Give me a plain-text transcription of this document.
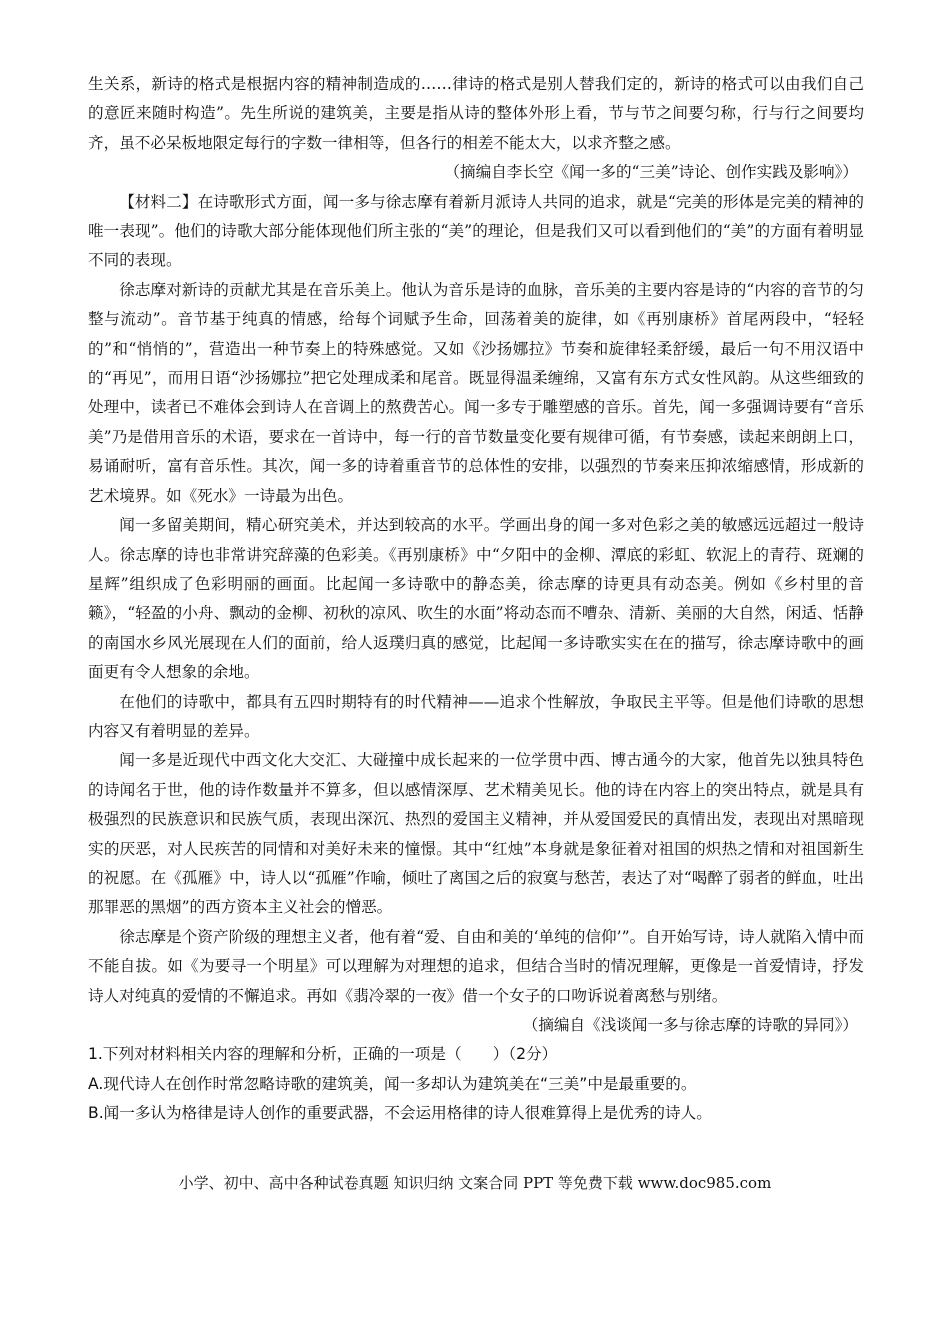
生关系，新诗的格式是根据内容的精神制造成的……律诗的格式是别人替我们定的，新诗的格式可以由我们自己的意匠来随时构造”。先生所说的建筑美，主要是指从诗的整体外形上看，节与节之间要匀称，行与行之间要均齐，虽不必呆板地限定每行的字数一律相等，但各行的相差不能太大，以求齐整之感。

（摘编自李长空《闻一多的“三美”诗论、创作实践及影响》）

【材料二】在诗歌形式方面，闻一多与徐志摩有着新月派诗人共同的追求，就是“完美的形体是完美的精神的唯一表现”。他们的诗歌大部分能体现他们所主张的“美”的理论，但是我们又可以看到他们的“美”的方面有着明显不同的表现。

徐志摩对新诗的贡献尤其是在音乐美上。他认为音乐是诗的血脉，音乐美的主要内容是诗的“内容的音节的匀整与流动”。音节基于纯真的情感，给每个词赋予生命，回荡着美的旋律，如《再别康桥》首尾两段中，“轻轻的”和“悄悄的”，营造出一种节奏上的特殊感觉。又如《沙扬娜拉》节奏和旋律轻柔舒缓，最后一句不用汉语中的“再见”，而用日语“沙扬娜拉”把它处理成柔和尾音。既显得温柔缠绵，又富有东方式女性风韵。从这些细致的处理中，读者已不难体会到诗人在音调上的熬费苦心。闻一多专于雕塑感的音乐。首先，闻一多强调诗要有“音乐美”乃是借用音乐的术语，要求在一首诗中，每一行的音节数量变化要有规律可循，有节奏感，读起来朗朗上口，易诵耐听，富有音乐性。其次，闻一多的诗着重音节的总体性的安排，以强烈的节奏来压抑浓缩感情，形成新的艺术境界。如《死水》一诗最为出色。

闻一多留美期间，精心研究美术，并达到较高的水平。学画出身的闻一多对色彩之美的敏感远远超过一般诗人。徐志摩的诗也非常讲究辞藻的色彩美。《再别康桥》中“夕阳中的金柳、潭底的彩虹、软泥上的青荇、斑斓的星辉”组织成了色彩明丽的画面。比起闻一多诗歌中的静态美，徐志摩的诗更具有动态美。例如《乡村里的音籁》，“轻盈的小舟、飘动的金柳、初秋的凉风、吹生的水面”将动态而不嘈杂、清新、美丽的大自然，闲适、恬静的南国水乡风光展现在人们的面前，给人返璞归真的感觉，比起闻一多诗歌实实在在的描写，徐志摩诗歌中的画面更有令人想象的余地。

在他们的诗歌中，都具有五四时期特有的时代精神——追求个性解放，争取民主平等。但是他们诗歌的思想内容又有着明显的差异。

闻一多是近现代中西文化大交汇、大碰撞中成长起来的一位学贯中西、博古通今的大家，他首先以独具特色的诗闻名于世，他的诗作数量并不算多，但以感情深厚、艺术精美见长。他的诗在内容上的突出特点，就是具有极强烈的民族意识和民族气质，表现出深沉、热烈的爱国主义精神，并从爱国爱民的真情出发，表现出对黑暗现实的厌恶，对人民疾苦的同情和对美好未来的憧憬。其中“红烛”本身就是象征着对祖国的炽热之情和对祖国新生的祝愿。在《孤雁》中，诗人以“孤雁”作喻，倾吐了离国之后的寂寞与愁苦，表达了对“喝醉了弱者的鲜血，吐出那罪恶的黑烟”的西方资本主义社会的憎恶。

徐志摩是个资产阶级的理想主义者，他有着“爱、自由和美的‘单纯的信仰’”。自开始写诗，诗人就陷入情中而不能自拔。如《为要寻一个明星》可以理解为对理想的追求，但结合当时的情况理解，更像是一首爱情诗，抒发诗人对纯真的爱情的不懈追求。再如《翡冷翠的一夜》借一个女子的口吻诉说着离愁与别绪。

（摘编自《浅谈闻一多与徐志摩的诗歌的异同》）

1.下列对材料相关内容的理解和分析，正确的一项是（　　）（2分）

A.现代诗人在创作时常忽略诗歌的建筑美，闻一多却认为建筑美在“三美”中是最重要的。

B.闻一多认为格律是诗人创作的重要武器，不会运用格律的诗人很难算得上是优秀的诗人。

小学、初中、高中各种试卷真题 知识归纳 文案合同 PPT 等免费下载 www.doc985.com
